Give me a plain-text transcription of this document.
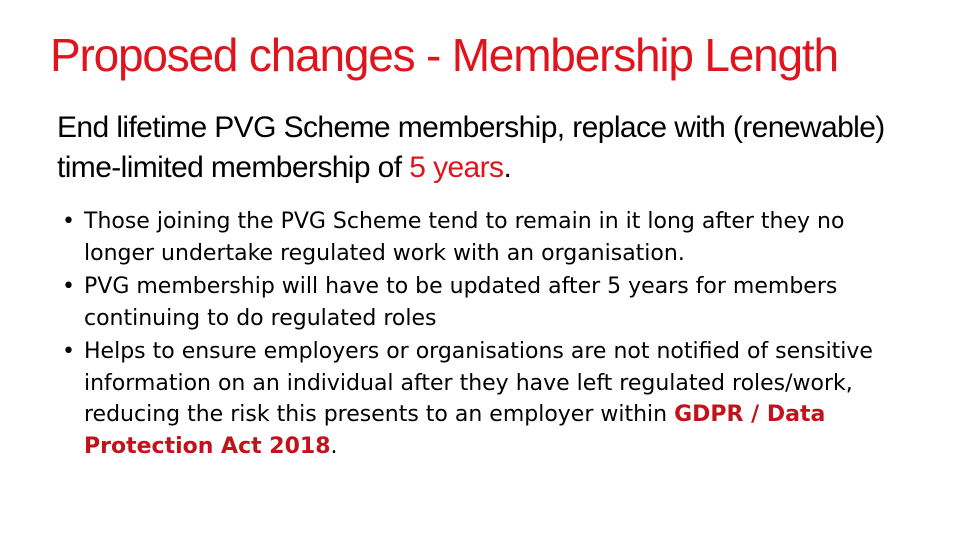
Proposed changes - Membership Length
End lifetime PVG Scheme membership, replace with (renewable) time-limited membership of 5 years.
• Those joining the PVG Scheme tend to remain in it long after they no longer undertake regulated work with an organisation.
• PVG membership will have to be updated after 5 years for members continuing to do regulated roles
• Helps to ensure employers or organisations are not notified of sensitive information on an individual after they have left regulated roles/work, reducing the risk this presents to an employer within GDPR / Data Protection Act 2018.
